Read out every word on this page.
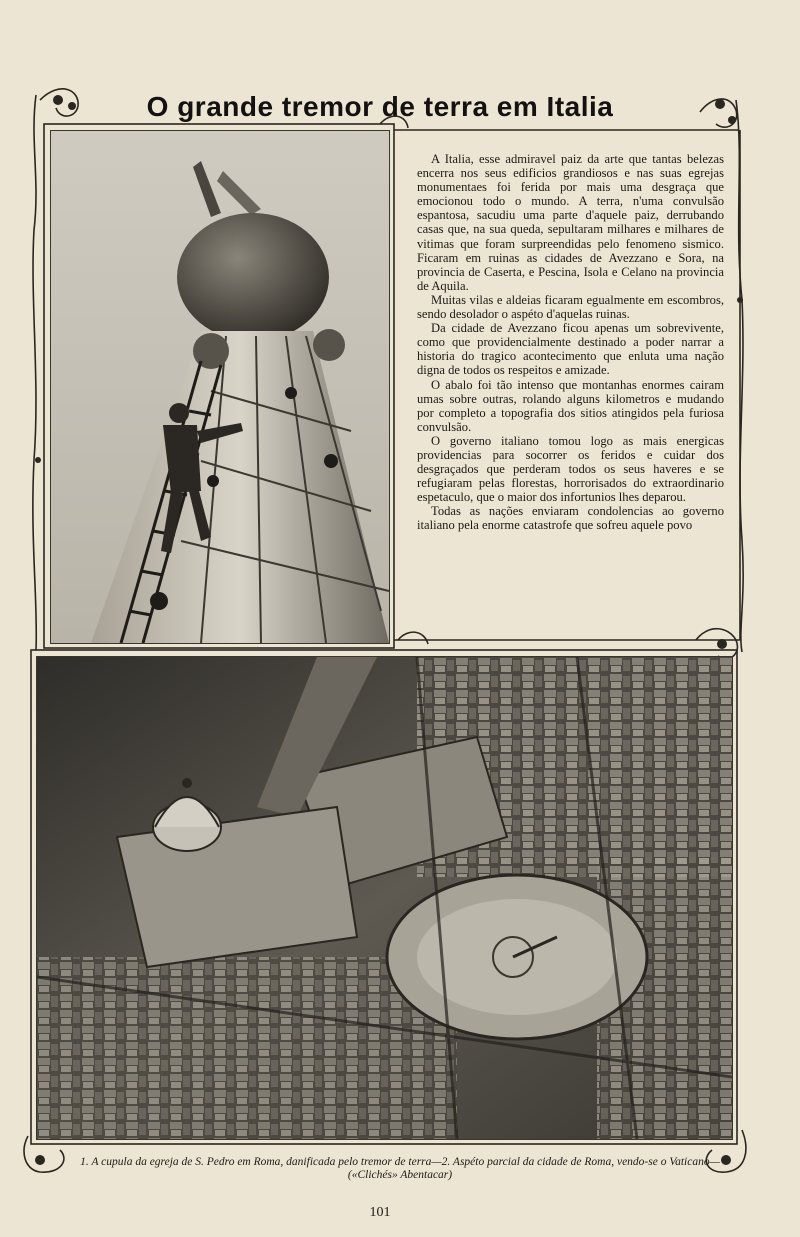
O grande tremor de terra em Italia

A Italia, esse admiravel paiz da arte que tantas belezas encerra nos seus edificios grandiosos e nas suas egrejas monumentaes foi ferida por mais uma desgraça que emocionou todo o mundo. A terra, n'uma convulsão espantosa, sacudiu uma parte d'aquele paiz, derrubando casas que, na sua queda, sepultaram milhares e milhares de vitimas que foram surpreendidas pelo fenomeno sismico. Ficaram em ruinas as cidades de Avezzano e Sora, na provincia de Caserta, e Pescina, Isola e Celano na provincia de Aquila.

Muitas vilas e aldeias ficaram egualmente em escombros, sendo desolador o aspéto d'aquelas ruinas.

Da cidade de Avezzano ficou apenas um sobrevivente, como que providencialmente destinado a poder narrar a historia do tragico acontecimento que enluta uma nação digna de todos os respeitos e amizade.

O abalo foi tão intenso que montanhas enormes cairam umas sobre outras, rolando alguns kilometros e mudando por completo a topografia dos sitios atingidos pela furiosa convulsão.

O governo italiano tomou logo as mais energicas providencias para socorrer os feridos e cuidar dos desgraçados que perderam todos os seus haveres e se refugiaram pelas florestas, horrorisados do extraordinario espetaculo, que o maior dos infortunios lhes deparou.

Todas as nações enviaram condolencias ao governo italiano pela enorme catastrofe que sofreu aquele povo

1. A cupula da egreja de S. Pedro em Roma, danificada pelo tremor de terra—2. Aspéto parcial da cidade de Roma, vendo-se o Vaticano—(«Clichés» Abentacar)
101
